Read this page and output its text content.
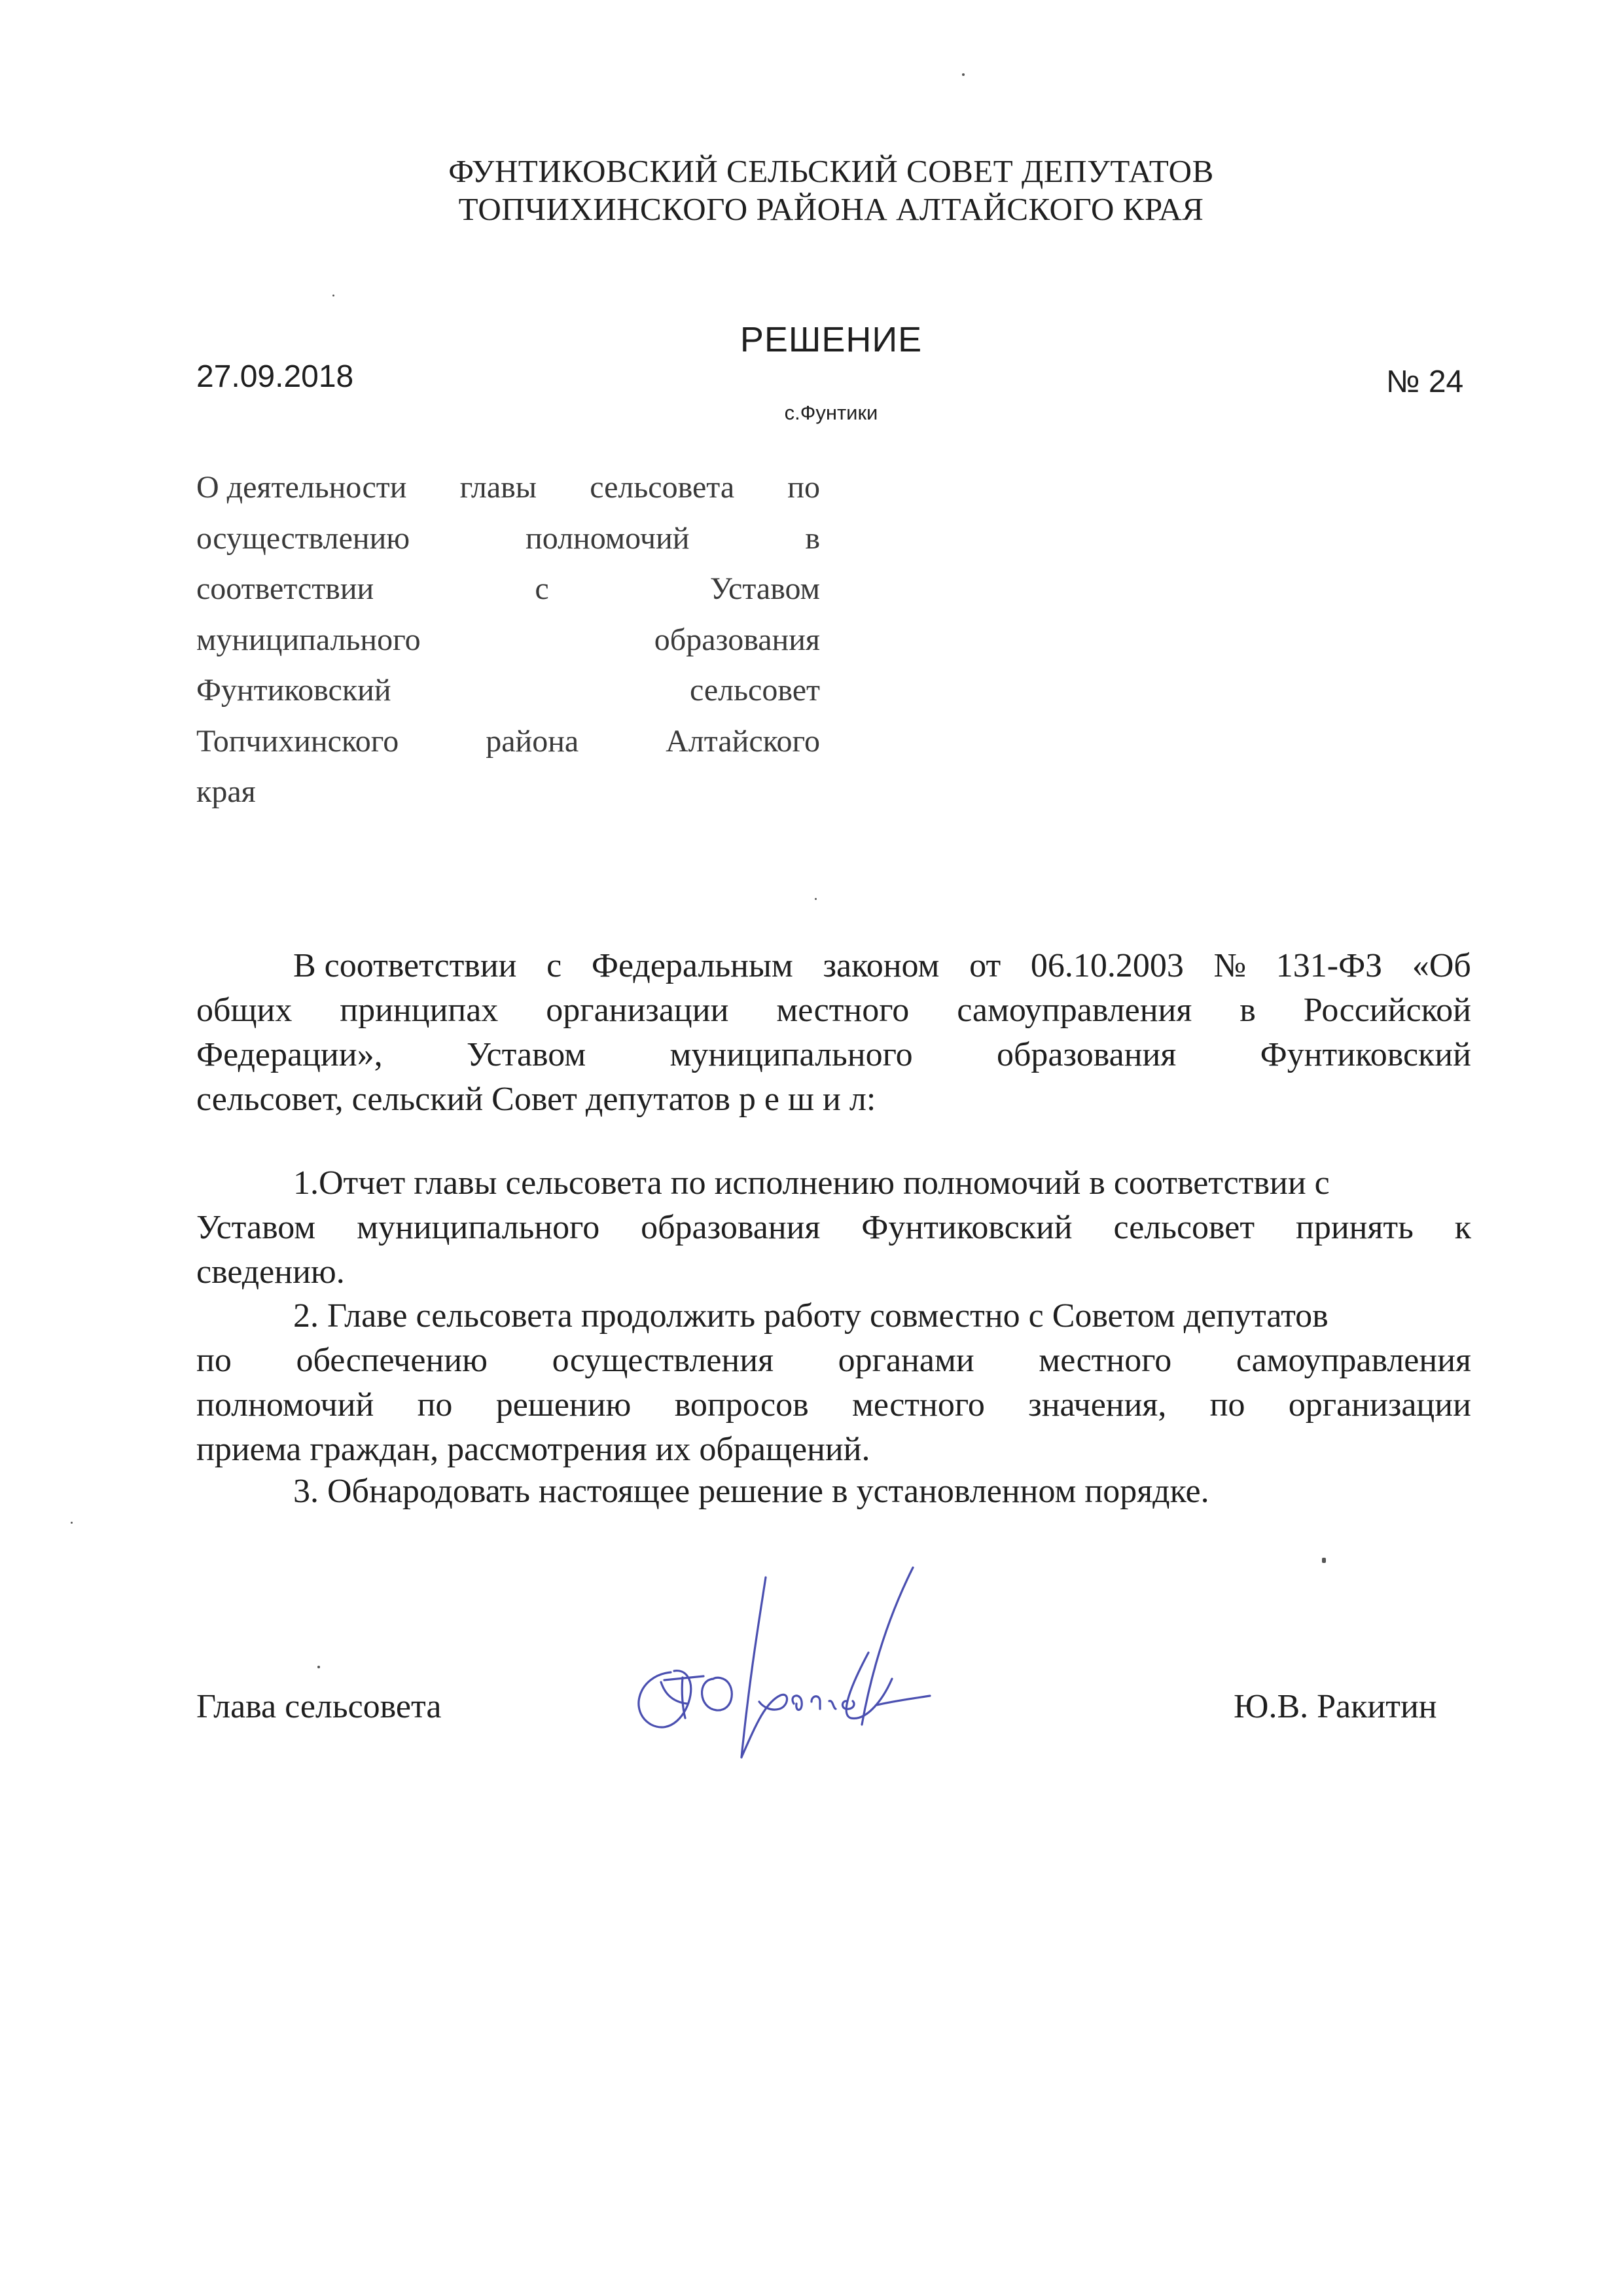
ФУНТИКОВСКИЙ СЕЛЬСКИЙ СОВЕТ ДЕПУТАТОВ
ТОПЧИХИНСКОГО РАЙОНА АЛТАЙСКОГО КРАЯ
РЕШЕНИЕ
27.09.2018	№ 24
с.Фунтики
О деятельности главы сельсовета по
осуществлению	полномочий	в
соответствии	с	Уставом
муниципального	образования
Фунтиковский	сельсовет
Топчихинского	района	Алтайского
края
В соответствии с Федеральным законом от 06.10.2003 № 131-ФЗ «Об
общих принципах организации местного самоуправления в Российской
Федерации», Уставом муниципального образования Фунтиковский
сельсовет, сельский Совет депутатов р е ш и л:
1.Отчет главы сельсовета по исполнению полномочий в соответствии с
Уставом муниципального образования Фунтиковский сельсовет принять к
сведению.
2. Главе сельсовета продолжить работу совместно с Советом депутатов
по обеспечению осуществления органами местного самоуправления
полномочий по решению вопросов местного значения, по организации
приема граждан, рассмотрения их обращений.
3. Обнародовать настоящее решение в установленном порядке.
Глава сельсовета	Ю.В. Ракитин
